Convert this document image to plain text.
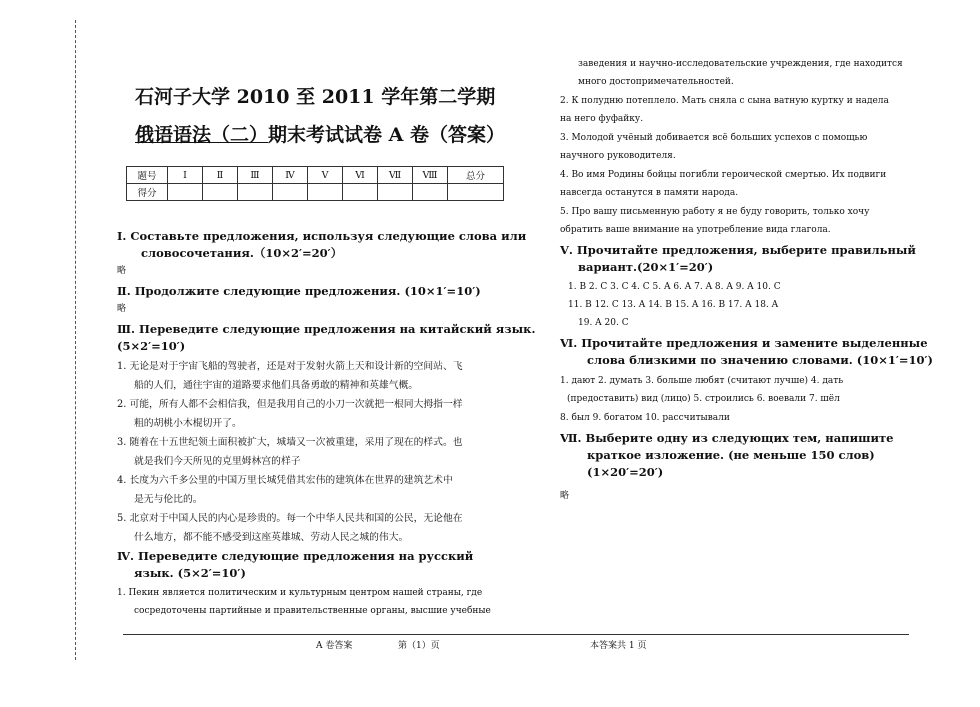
石河子大学 2010 至 2011 学年第二学期
俄语语法（二）期末考试试卷 A 卷（答案）
题号	Ⅰ	Ⅱ	Ⅲ	Ⅳ	Ⅴ	Ⅵ	Ⅶ	Ⅷ	总分
得分									
Ⅰ. Составьте предложения, используя следующие слова или
словосочетания.（10×2′=20′）
略
Ⅱ. Продолжите следующие предложения. (10×1′=10′)
略
Ⅲ. Переведите следующие предложения на китайский язык.
(5×2′=10′)
1. 无论是对于宇宙飞船的驾驶者，还是对于发射火箭上天和设计新的空间站、飞
船的人们，通往宇宙的道路要求他们具备勇敢的精神和英雄气概。
2. 可能，所有人都不会相信我，但是我用自己的小刀一次就把一根同大拇指一样
粗的胡桃小木棍切开了。
3. 随着在十五世纪领土面积被扩大，城墙又一次被重建，采用了现在的样式。也
就是我们今天所见的克里姆林宫的样子
4. 长度为六千多公里的中国万里长城凭借其宏伟的建筑体在世界的建筑艺术中
是无与伦比的。
5. 北京对于中国人民的内心是珍贵的。每一个中华人民共和国的公民，无论他在
什么地方，都不能不感受到这座英雄城、劳动人民之城的伟大。
Ⅳ. Переведите следующие предложения на русский
язык. (5×2′=10′)
1. Пекин является политическим и культурным центром нашей страны, где
сосредоточены партийные и правительственные органы, высшие учебные
заведения и научно-исследовательские учреждения, где находится
много достопримечательностей.
2. К полудню потеплело. Мать сняла с сына ватную куртку и надела
на него фуфайку.
3. Молодой учёный добивается всё больших успехов с помощью
научного руководителя.
4. Во имя Родины бойцы погибли героической смертью. Их подвиги
навсегда останутся в памяти народа.
5. Про вашу письменную работу я не буду говорить, только хочу
обратить ваше внимание на употребление вида глагола.
Ⅴ. Прочитайте предложения, выберите правильный
вариант.(20×1′=20′)
1. B 2. C 3. C 4. C 5. A 6. A 7. A 8. A 9. A 10. C
11. B 12. C 13. A 14. B 15. A 16. B 17. A 18. A
19. A 20. C
Ⅵ. Прочитайте предложения и замените выделенные
слова близкими по значению словами. (10×1′=10′)
1. дают 2. думать 3. больше любят (считают лучше) 4. дать
(предоставить) вид (лицо) 5. строились 6. воевали 7. шёл
8. был 9. богатом 10. рассчитывали
Ⅶ. Выберите одну из следующих тем, напишите
краткое изложение. (не меньше 150 слов)
(1×20′=20′)
略
A 卷答案	第（1）页	本答案共 1 页
